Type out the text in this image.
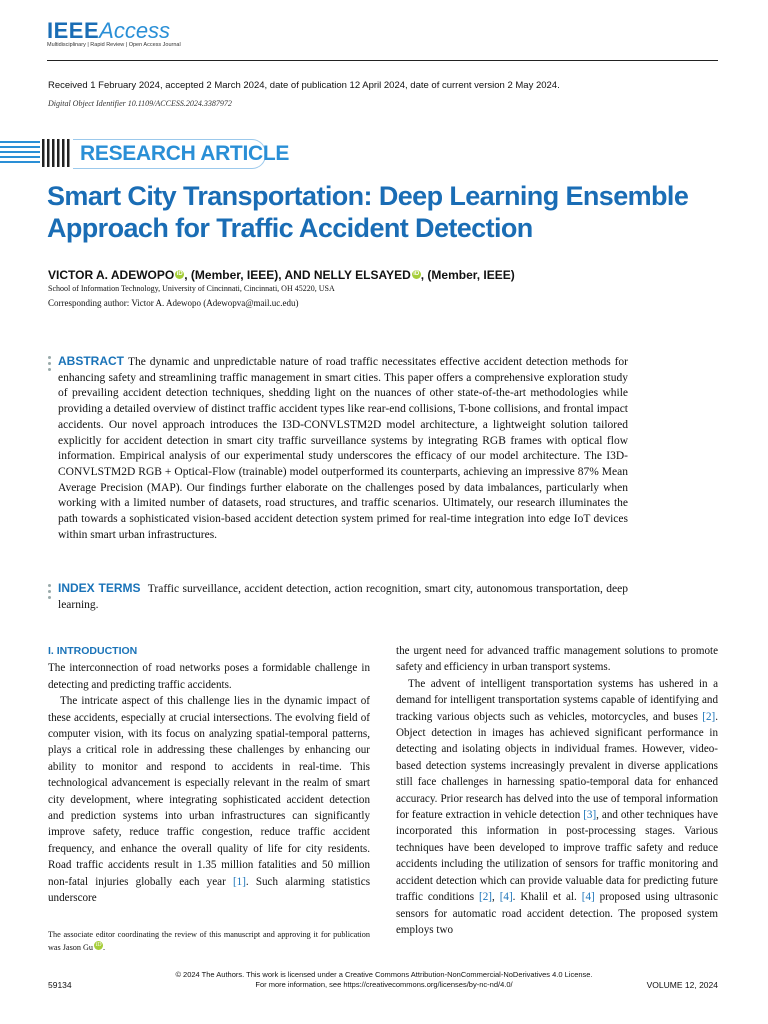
IEEEAccess
Multidisciplinary | Rapid Review | Open Access Journal
Received 1 February 2024, accepted 2 March 2024, date of publication 12 April 2024, date of current version 2 May 2024.
Digital Object Identifier 10.1109/ACCESS.2024.3387972
RESEARCH ARTICLE
Smart City Transportation: Deep Learning Ensemble Approach for Traffic Accident Detection
VICTOR A. ADEWOPO iD , (Member, IEEE), AND NELLY ELSAYED iD , (Member, IEEE)
School of Information Technology, University of Cincinnati, Cincinnati, OH 45220, USA
Corresponding author: Victor A. Adewopo (Adewopva@mail.uc.edu)
ABSTRACT The dynamic and unpredictable nature of road traffic necessitates effective accident detection methods for enhancing safety and streamlining traffic management in smart cities. This paper offers a comprehensive exploration study of prevailing accident detection techniques, shedding light on the nuances of other state-of-the-art methodologies while providing a detailed overview of distinct traffic accident types like rear-end collisions, T-bone collisions, and frontal impact accidents. Our novel approach introduces the I3D-CONVLSTM2D model architecture, a lightweight solution tailored explicitly for accident detection in smart city traffic surveillance systems by integrating RGB frames with optical flow information. Empirical analysis of our experimental study underscores the efficacy of our model architecture. The I3D-CONVLSTM2D RGB + Optical-Flow (trainable) model outperformed its counterparts, achieving an impressive 87% Mean Average Precision (MAP). Our findings further elaborate on the challenges posed by data imbalances, particularly when working with a limited number of datasets, road structures, and traffic scenarios. Ultimately, our research illuminates the path towards a sophisticated vision-based accident detection system primed for real-time integration into edge IoT devices within smart urban infrastructures.
INDEX TERMS Traffic surveillance, accident detection, action recognition, smart city, autonomous transportation, deep learning.
I. INTRODUCTION

The interconnection of road networks poses a formidable challenge in detecting and predicting traffic accidents.

The intricate aspect of this challenge lies in the dynamic impact of these accidents, especially at crucial intersections. The evolving field of computer vision, with its focus on analyzing spatial-temporal patterns, plays a critical role in addressing these challenges by enhancing our ability to monitor and respond to accidents in real-time. This technological advancement is especially relevant in the realm of smart city development, where integrating sophisticated accident detection and prediction systems into urban infrastructures can significantly improve safety, reduce traffic congestion, reduce traffic accident frequency, and enhance the overall quality of life for city residents. Road traffic accidents result in 1.35 million fatalities and 50 million non-fatal injuries globally each year [1]. Such alarming statistics underscore

the urgent need for advanced traffic management solutions to promote safety and efficiency in urban transport systems.

The advent of intelligent transportation systems has ushered in a demand for intelligent transportation systems capable of identifying and tracking various objects such as vehicles, motorcycles, and buses [2]. Object detection in images has achieved significant performance in detecting and isolating objects in individual frames. However, video-based detection systems increasingly prevalent in diverse applications still face challenges in harnessing spatio-temporal data for enhanced accuracy. Prior research has delved into the use of temporal information for feature extraction in vehicle detection [3], and other techniques have incorporated this information in post-processing stages. Various techniques have been developed to improve traffic safety and reduce accidents including the utilization of sensors for traffic monitoring and accident detection which can provide valuable data for predicting future traffic conditions [2], [4]. Khalil et al. [4] proposed using ultrasonic sensors for automatic road accident detection. The proposed system employs two

The associate editor coordinating the review of this manuscript and approving it for publication was Jason Gu iD .
© 2024 The Authors. This work is licensed under a Creative Commons Attribution-NonCommercial-NoDerivatives 4.0 License.
For more information, see https://creativecommons.org/licenses/by-nc-nd/4.0/
59134	VOLUME 12, 2024
